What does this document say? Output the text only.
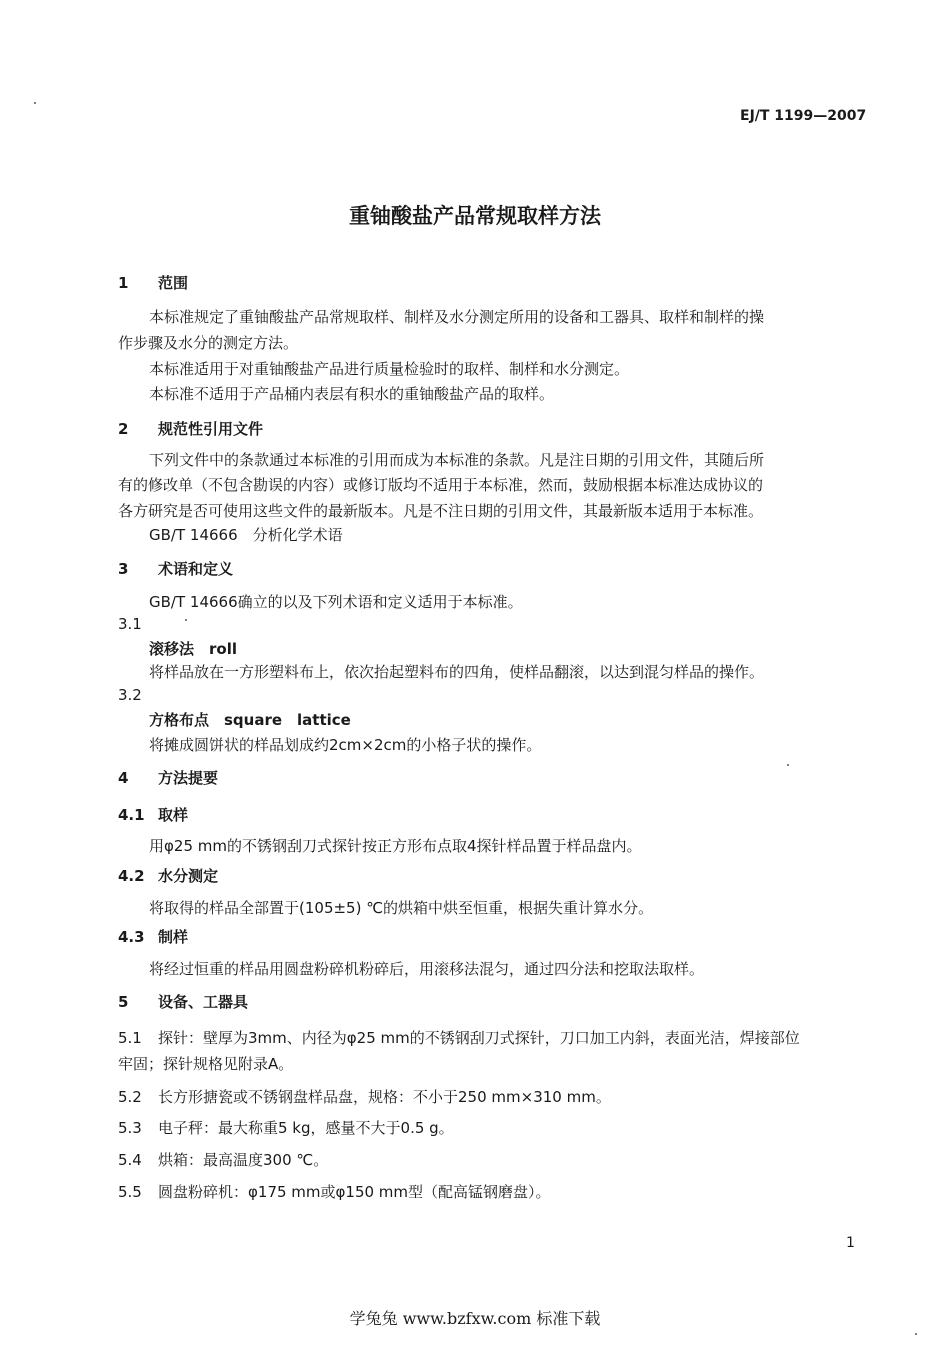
EJ/T 1199—2007
重铀酸盐产品常规取样方法
1 范围
本标准规定了重铀酸盐产品常规取样、制样及水分测定所用的设备和工器具、取样和制样的操
作步骤及水分的测定方法。
本标准适用于对重铀酸盐产品进行质量检验时的取样、制样和水分测定。
本标准不适用于产品桶内表层有积水的重铀酸盐产品的取样。
2 规范性引用文件
下列文件中的条款通过本标准的引用而成为本标准的条款。凡是注日期的引用文件，其随后所
有的修改单（不包含勘误的内容）或修订版均不适用于本标准，然而，鼓励根据本标准达成协议的
各方研究是否可使用这些文件的最新版本。凡是不注日期的引用文件，其最新版本适用于本标准。
GB/T 14666　分析化学术语
3 术语和定义
GB/T 14666确立的以及下列术语和定义适用于本标准。
3.1
滚移法　roll
将样品放在一方形塑料布上，依次抬起塑料布的四角，使样品翻滚，以达到混匀样品的操作。
3.2
方格布点　square　lattice
将摊成圆饼状的样品划成约2cm×2cm的小格子状的操作。
4 方法提要
4.1 取样
用φ25 mm的不锈钢刮刀式探针按正方形布点取4探针样品置于样品盘内。
4.2 水分测定
将取得的样品全部置于(105±5) ℃的烘箱中烘至恒重，根据失重计算水分。
4.3 制样
将经过恒重的样品用圆盘粉碎机粉碎后，用滚移法混匀，通过四分法和挖取法取样。
5 设备、工器具
5.1 探针：壁厚为3mm、内径为φ25 mm的不锈钢刮刀式探针，刀口加工内斜，表面光洁，焊接部位
牢固；探针规格见附录A。
5.2 长方形搪瓷或不锈钢盘样品盘，规格：不小于250 mm×310 mm。
5.3 电子秤：最大称重5 kg，感量不大于0.5 g。
5.4 烘箱：最高温度300 ℃。
5.5 圆盘粉碎机：φ175 mm或φ150 mm型（配高锰钢磨盘）。
1
学兔兔 www.bzfxw.com 标准下载
